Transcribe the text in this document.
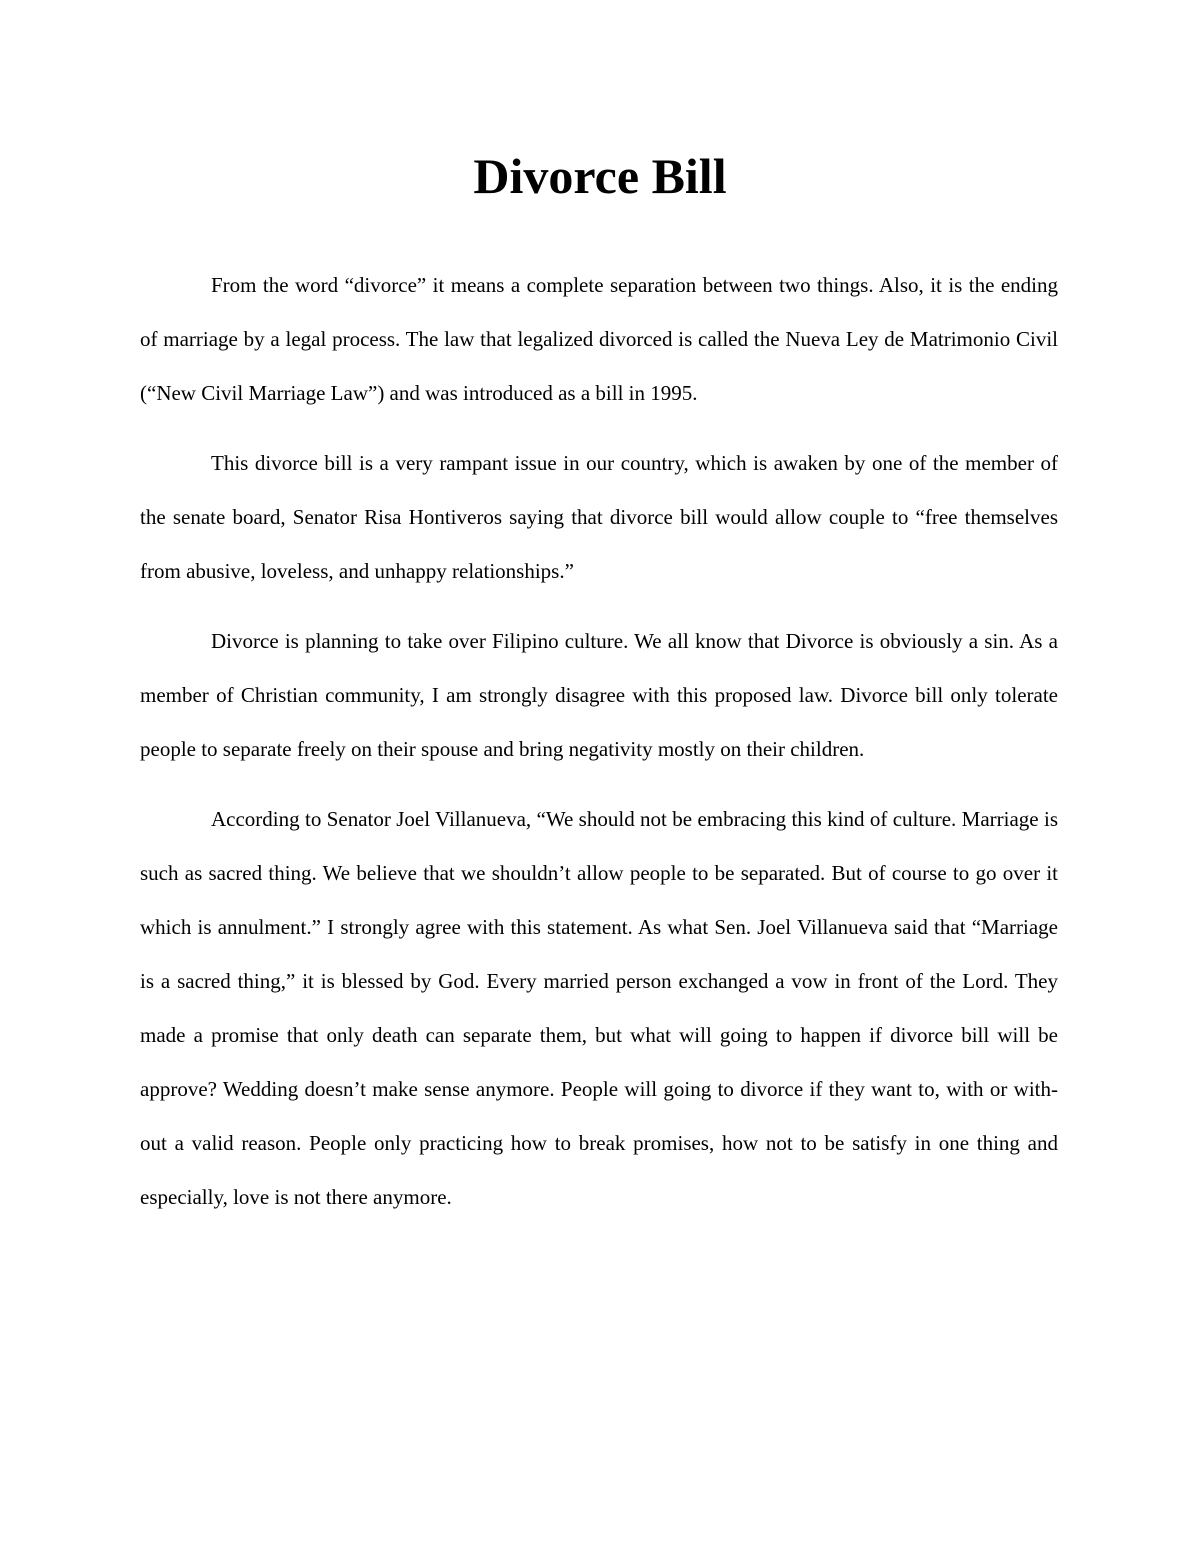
Divorce Bill

From the word “divorce” it means a complete separation between two things. Also, it is the ending of marriage by a legal process. The law that legalized divorced is called the Nueva Ley de Matrimonio Civil (“New Civil Marriage Law”) and was introduced as a bill in 1995.

This divorce bill is a very rampant issue in our country, which is awaken by one of the member of the senate board, Senator Risa Hontiveros saying that divorce bill would allow couple to “free themselves from abusive, loveless, and unhappy relationships.”

Divorce is planning to take over Filipino culture. We all know that Divorce is obviously a sin. As a member of Christian community, I am strongly disagree with this proposed law. Divorce bill only tolerate people to separate freely on their spouse and bring negativity mostly on their children.

According to Senator Joel Villanueva, “We should not be embracing this kind of culture. Marriage is such as sacred thing. We believe that we shouldn’t allow people to be separated. But of course to go over it which is annulment.” I strongly agree with this statement. As what Sen. Joel Villanueva said that “Marriage is a sacred thing,” it is blessed by God. Every married person exchanged a vow in front of the Lord. They made a promise that only death can separate them, but what will going to happen if divorce bill will be approve? Wedding doesn’t make sense anymore. People will going to divorce if they want to, with or with-out a valid reason. People only practicing how to break promises, how not to be satisfy in one thing and especially, love is not there anymore.
